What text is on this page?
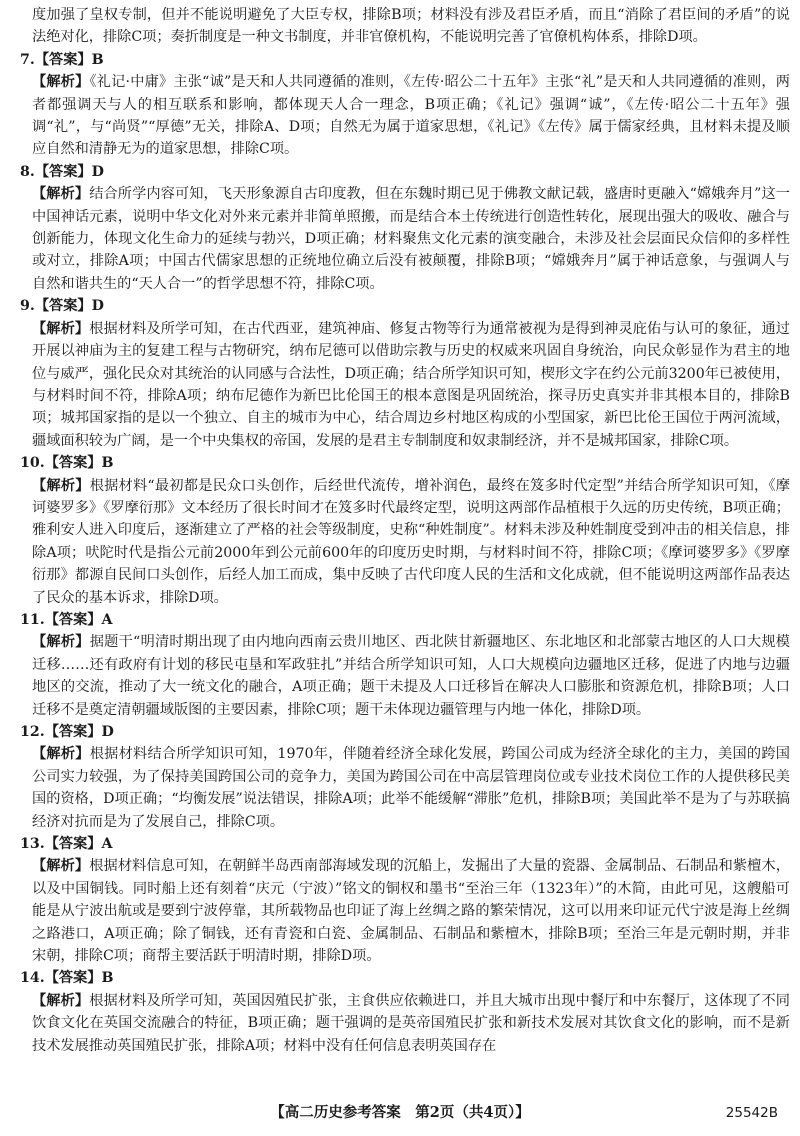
度加强了皇权专制，但并不能说明避免了大臣专权，排除B项；材料没有涉及君臣矛盾，而且“消除了君臣间的矛盾”的说法绝对化，排除C项；奏折制度是一种文书制度，并非官僚机构，不能说明完善了官僚机构体系，排除D项。

7.【答案】B

【解析】《礼记·中庸》主张“诚”是天和人共同遵循的准则，《左传·昭公二十五年》主张“礼”是天和人共同遵循的准则，两者都强调天与人的相互联系和影响，都体现天人合一理念，B项正确；《礼记》强调“诚”，《左传·昭公二十五年》强调“礼”，与“尚贤”“厚德”无关，排除A、D项；自然无为属于道家思想，《礼记》《左传》属于儒家经典，且材料未提及顺应自然和清静无为的道家思想，排除C项。

8.【答案】D

【解析】结合所学内容可知，飞天形象源自古印度教，但在东魏时期已见于佛教文献记载，盛唐时更融入“嫦娥奔月”这一中国神话元素，说明中华文化对外来元素并非简单照搬，而是结合本土传统进行创造性转化，展现出强大的吸收、融合与创新能力，体现文化生命力的延续与勃兴，D项正确；材料聚焦文化元素的演变融合，未涉及社会层面民众信仰的多样性或对立，排除A项；中国古代儒家思想的正统地位确立后没有被颠覆，排除B项；“嫦娥奔月”属于神话意象，与强调人与自然和谐共生的“天人合一”的哲学思想不符，排除C项。

9.【答案】D

【解析】根据材料及所学可知，在古代西亚，建筑神庙、修复古物等行为通常被视为是得到神灵庇佑与认可的象征，通过开展以神庙为主的复建工程与古物研究，纳布尼德可以借助宗教与历史的权威来巩固自身统治，向民众彰显作为君主的地位与威严，强化民众对其统治的认同感与合法性，D项正确；结合所学知识可知，楔形文字在约公元前3200年已被使用，与材料时间不符，排除A项；纳布尼德作为新巴比伦国王的根本意图是巩固统治，探寻历史真实并非其根本目的，排除B项；城邦国家指的是以一个独立、自主的城市为中心，结合周边乡村地区构成的小型国家，新巴比伦王国位于两河流域，疆域面积较为广阔，是一个中央集权的帝国，发展的是君主专制制度和奴隶制经济，并不是城邦国家，排除C项。

10.【答案】B

【解析】根据材料“最初都是民众口头创作，后经世代流传，增补润色，最终在笈多时代定型”并结合所学知识可知，《摩诃婆罗多》《罗摩衍那》文本经历了很长时间才在笈多时代最终定型，说明这两部作品植根于久远的历史传统，B项正确；雅利安人进入印度后，逐渐建立了严格的社会等级制度，史称“种姓制度”。材料未涉及种姓制度受到冲击的相关信息，排除A项；吠陀时代是指公元前2000年到公元前600年的印度历史时期，与材料时间不符，排除C项；《摩诃婆罗多》《罗摩衍那》都源自民间口头创作，后经人加工而成，集中反映了古代印度人民的生活和文化成就，但不能说明这两部作品表达了民众的基本诉求，排除D项。

11.【答案】A

【解析】据题干“明清时期出现了由内地向西南云贵川地区、西北陕甘新疆地区、东北地区和北部蒙古地区的人口大规模迁移……还有政府有计划的移民屯垦和军政驻扎”并结合所学知识可知，人口大规模向边疆地区迁移，促进了内地与边疆地区的交流，推动了大一统文化的融合，A项正确；题干未提及人口迁移旨在解决人口膨胀和资源危机，排除B项；人口迁移不是奠定清朝疆域版图的主要因素，排除C项；题干未体现边疆管理与内地一体化，排除D项。

12.【答案】D

【解析】根据材料结合所学知识可知，1970年，伴随着经济全球化发展，跨国公司成为经济全球化的主力，美国的跨国公司实力较强，为了保持美国跨国公司的竞争力，美国为跨国公司在中高层管理岗位或专业技术岗位工作的人提供移民美国的资格，D项正确；“均衡发展”说法错误，排除A项；此举不能缓解“滞胀”危机，排除B项；美国此举不是为了与苏联搞经济对抗而是为了发展自己，排除C项。

13.【答案】A

【解析】根据材料信息可知，在朝鲜半岛西南部海域发现的沉船上，发掘出了大量的瓷器、金属制品、石制品和紫檀木，以及中国铜钱。同时船上还有刻着“庆元（宁波）”铭文的铜权和墨书“至治三年（1323年）”的木简，由此可见，这艘船可能是从宁波出航或是要到宁波停靠，其所载物品也印证了海上丝绸之路的繁荣情况，这可以用来印证元代宁波是海上丝绸之路港口，A项正确；除了铜钱，还有青瓷和白瓷、金属制品、石制品和紫檀木，排除B项；至治三年是元朝时期，并非宋朝，排除C项；商帮主要活跃于明清时期，排除D项。

14.【答案】B

【解析】根据材料及所学可知，英国因殖民扩张，主食供应依赖进口，并且大城市出现中餐厅和中东餐厅，这体现了不同饮食文化在英国交流融合的特征，B项正确；题干强调的是英帝国殖民扩张和新技术发展对其饮食文化的影响，而不是新技术发展推动英国殖民扩张，排除A项；材料中没有任何信息表明英国存在

【高二历史参考答案　第2页（共4页）】	25542B
